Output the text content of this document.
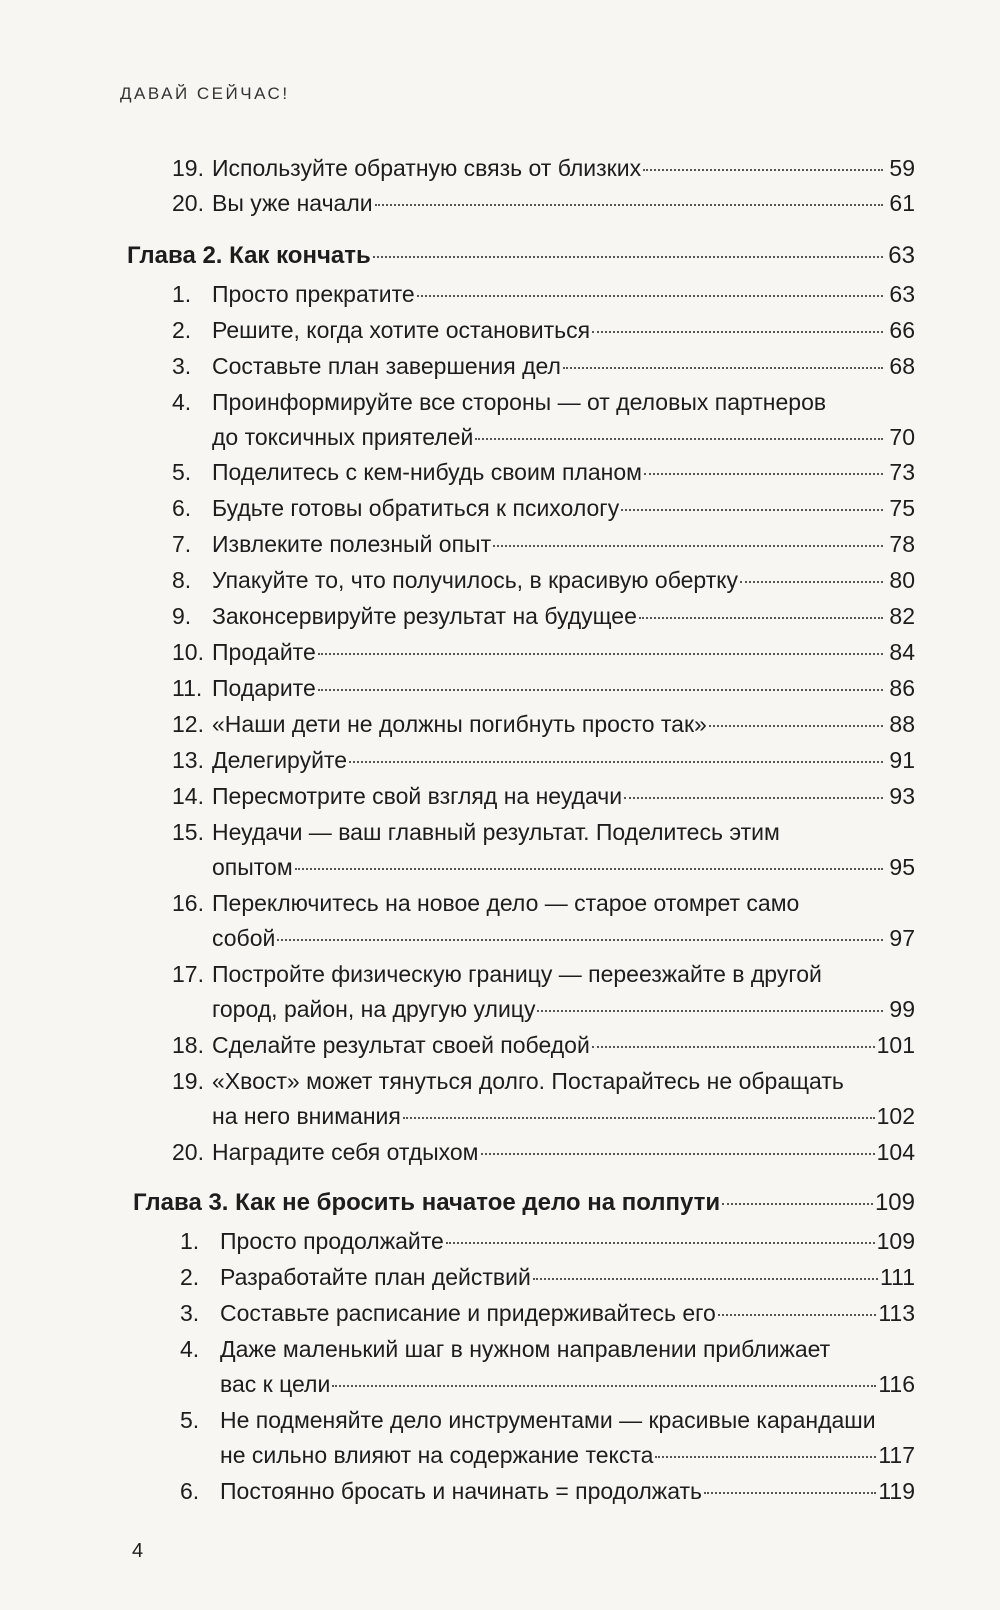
ДАВАЙ СЕЙЧАС!
19. Используйте обратную связь от близких	59
20. Вы уже начали	61
Глава 2. Как кончать	63
1. Просто прекратите	63
2. Решите, когда хотите остановиться	66
3. Составьте план завершения дел	68
4. Проинформируйте все стороны — от деловых партнеров
до токсичных приятелей	70
5. Поделитесь с кем-нибудь своим планом	73
6. Будьте готовы обратиться к психологу	75
7. Извлеките полезный опыт	78
8. Упакуйте то, что получилось, в красивую обертку	80
9. Законсервируйте результат на будущее	82
10. Продайте	84
11. Подарите	86
12. «Наши дети не должны погибнуть просто так»	88
13. Делегируйте	91
14. Пересмотрите свой взгляд на неудачи	93
15. Неудачи — ваш главный результат. Поделитесь этим
опытом	95
16. Переключитесь на новое дело — старое отомрет само
собой	97
17. Постройте физическую границу — переезжайте в другой
город, район, на другую улицу	99
18. Сделайте результат своей победой	101
19. «Хвост» может тянуться долго. Постарайтесь не обращать
на него внимания	102
20. Наградите себя отдыхом	104
Глава 3. Как не бросить начатое дело на полпути	109
1. Просто продолжайте	109
2. Разработайте план действий	111
3. Составьте расписание и придерживайтесь его	113
4. Даже маленький шаг в нужном направлении приближает
вас к цели	116
5. Не подменяйте дело инструментами — красивые карандаши
не сильно влияют на содержание текста	117
6. Постоянно бросать и начинать = продолжать	119
4
